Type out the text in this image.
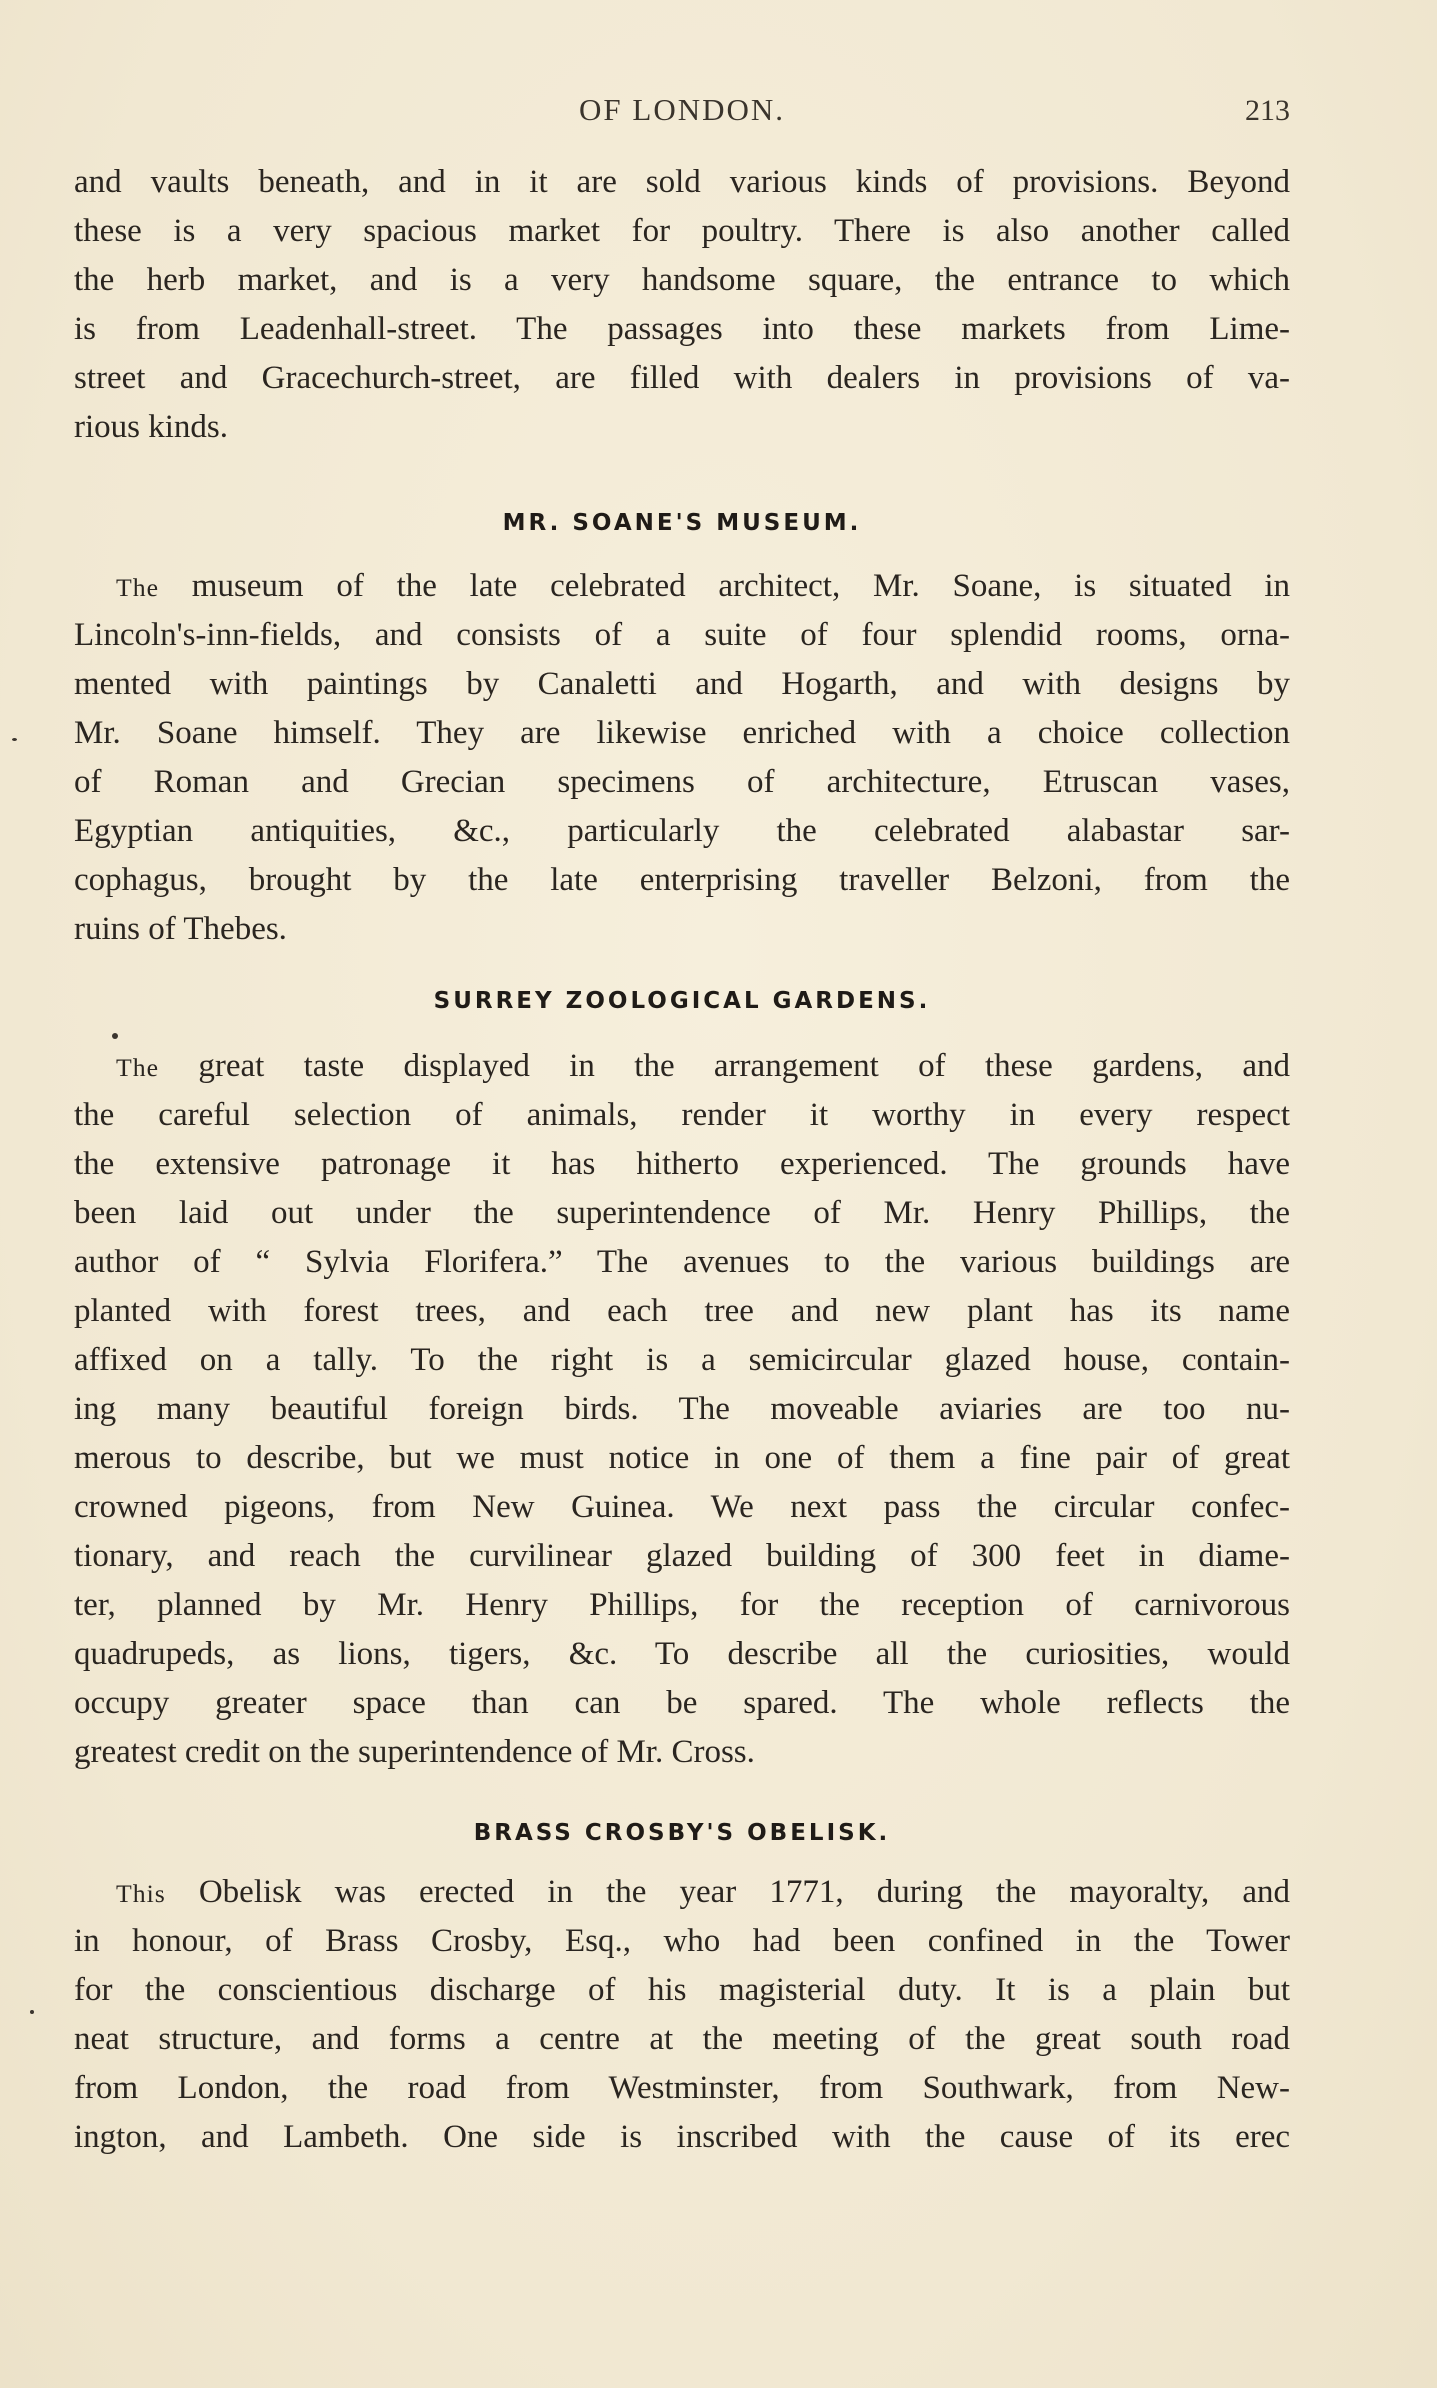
OF LONDON.	213
and vaults beneath, and in it are sold various kinds of provisions. Beyond
these is a very spacious market for poultry. There is also another called
the herb market, and is a very handsome square, the entrance to which
is from Leadenhall-street. The passages into these markets from Lime-
street and Gracechurch-street, are filled with dealers in provisions of va-
rious kinds.
MR. SOANE'S MUSEUM.
The museum of the late celebrated architect, Mr. Soane, is situated in
Lincoln's-inn-fields, and consists of a suite of four splendid rooms, orna-
mented with paintings by Canaletti and Hogarth, and with designs by
Mr. Soane himself. They are likewise enriched with a choice collection
of Roman and Grecian specimens of architecture, Etruscan vases,
Egyptian antiquities, &c., particularly the celebrated alabastar sar-
cophagus, brought by the late enterprising traveller Belzoni, from the
ruins of Thebes.
SURREY ZOOLOGICAL GARDENS.
The great taste displayed in the arrangement of these gardens, and
the careful selection of animals, render it worthy in every respect
the extensive patronage it has hitherto experienced. The grounds have
been laid out under the superintendence of Mr. Henry Phillips, the
author of “ Sylvia Florifera.” The avenues to the various buildings are
planted with forest trees, and each tree and new plant has its name
affixed on a tally. To the right is a semicircular glazed house, contain-
ing many beautiful foreign birds. The moveable aviaries are too nu-
merous to describe, but we must notice in one of them a fine pair of great
crowned pigeons, from New Guinea. We next pass the circular confec-
tionary, and reach the curvilinear glazed building of 300 feet in diame-
ter, planned by Mr. Henry Phillips, for the reception of carnivorous
quadrupeds, as lions, tigers, &c. To describe all the curiosities, would
occupy greater space than can be spared. The whole reflects the
greatest credit on the superintendence of Mr. Cross.
BRASS CROSBY'S OBELISK.
This Obelisk was erected in the year 1771, during the mayoralty, and
in honour, of Brass Crosby, Esq., who had been confined in the Tower
for the conscientious discharge of his magisterial duty. It is a plain but
neat structure, and forms a centre at the meeting of the great south road
from London, the road from Westminster, from Southwark, from New-
ington, and Lambeth. One side is inscribed with the cause of its erec
